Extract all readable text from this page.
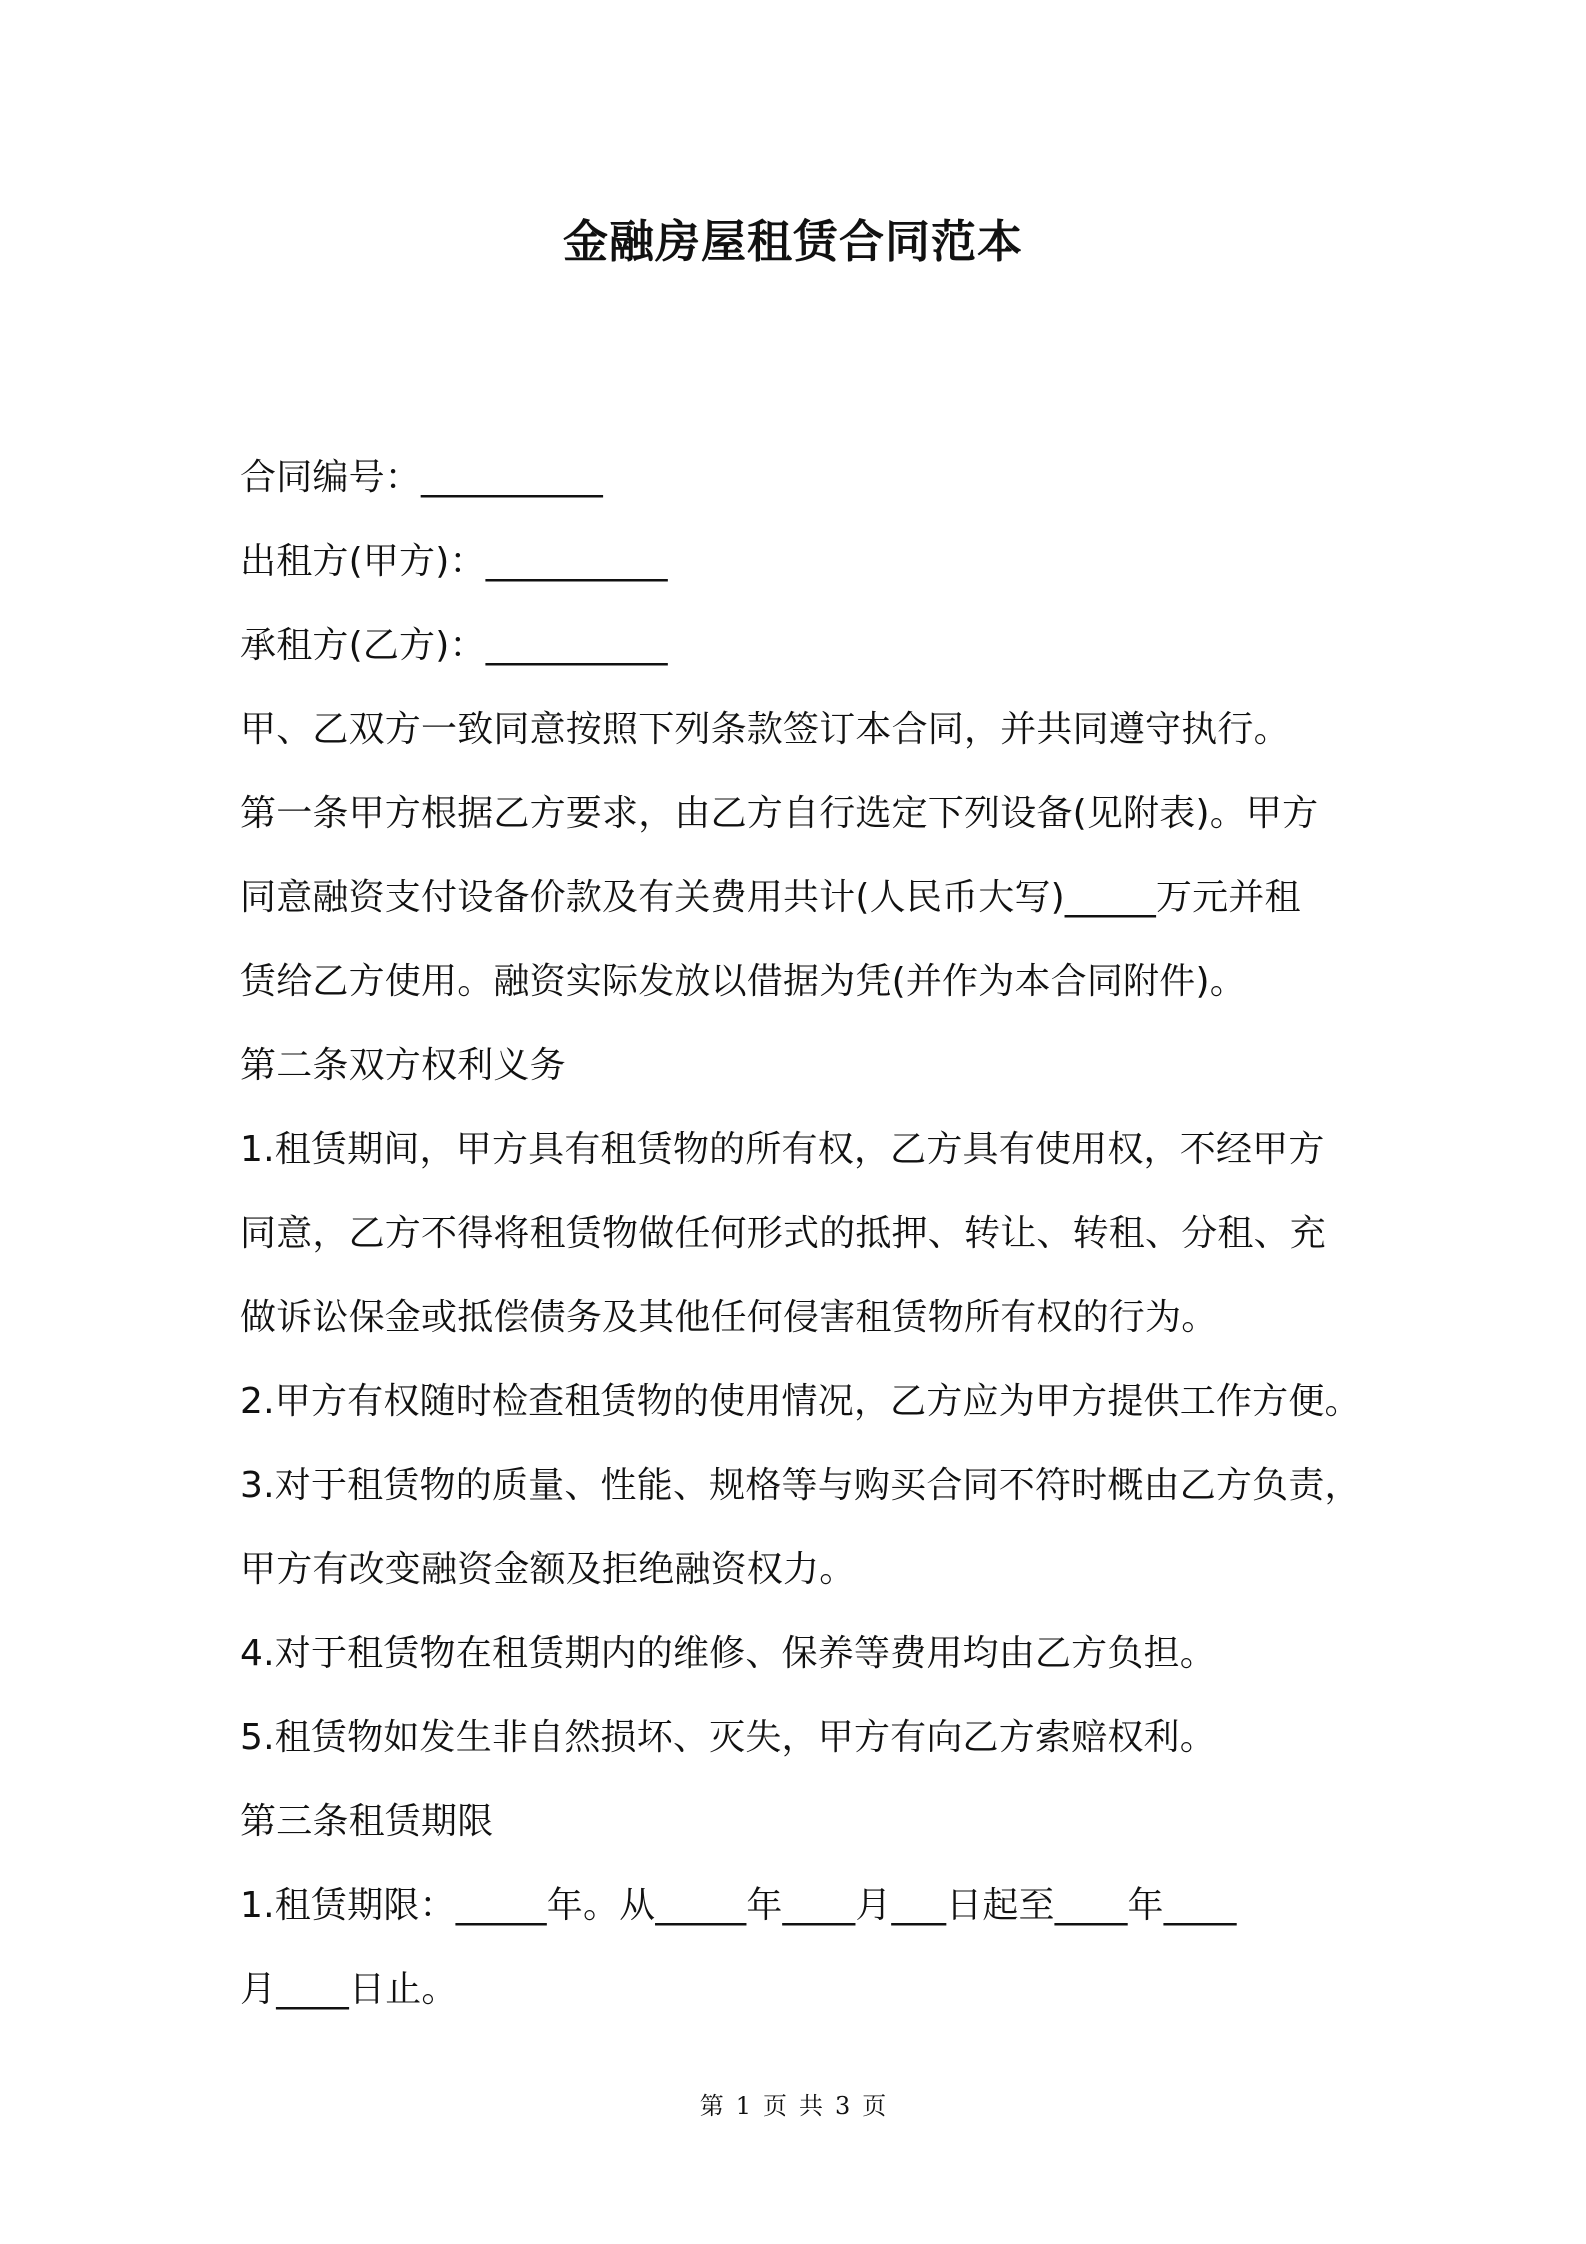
金融房屋租赁合同范本
合同编号：__________
出租方(甲方)：__________
承租方(乙方)：__________
甲、乙双方一致同意按照下列条款签订本合同，并共同遵守执行。
第一条甲方根据乙方要求，由乙方自行选定下列设备(见附表)。甲方
同意融资支付设备价款及有关费用共计(人民币大写)_____万元并租
赁给乙方使用。融资实际发放以借据为凭(并作为本合同附件)。
第二条双方权利义务
1.租赁期间，甲方具有租赁物的所有权，乙方具有使用权，不经甲方
同意，乙方不得将租赁物做任何形式的抵押、转让、转租、分租、充
做诉讼保金或抵偿债务及其他任何侵害租赁物所有权的行为。
2.甲方有权随时检查租赁物的使用情况，乙方应为甲方提供工作方便。
3.对于租赁物的质量、性能、规格等与购买合同不符时概由乙方负责，
甲方有改变融资金额及拒绝融资权力。
4.对于租赁物在租赁期内的维修、保养等费用均由乙方负担。
5.租赁物如发生非自然损坏、灭失，甲方有向乙方索赔权利。
第三条租赁期限
1.租赁期限：_____年。从_____年____月___日起至____年____
月____日止。
第 1 页 共 3 页
